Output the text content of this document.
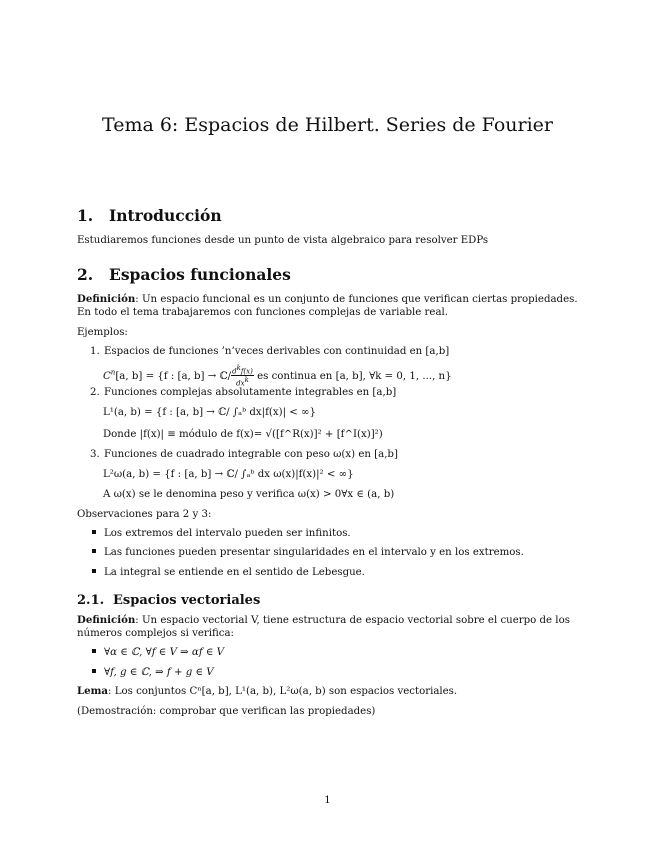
Tema 6: Espacios de Hilbert. Series de Fourier
1. Introducción
Estudiaremos funciones desde un punto de vista algebraico para resolver EDPs
2. Espacios funcionales
Definición: Un espacio funcional es un conjunto de funciones que verifican ciertas propiedades. En todo el tema trabajaremos con funciones complejas de variable real.
Ejemplos:
1. Espacios de funciones ’n’veces derivables con continuidad en [a,b]
$C^n[a$, b] = {f : [a, b] → ℂ/ $\frac{d^kf(x)}{dx^k}$ es continua en [a, b], ∀k = 0, 1, ..., n}
2. Funciones complejas absolutamente integrables en [a,b]
L¹(a, b) = {f : [a, b] → ℂ/ ∫ₐᵇ dx|f(x)| < ∞}
Donde |f(x)| ≡ módulo de f(x)= √([f^R(x)]² + [f^I(x)]²)
3. Funciones de cuadrado integrable con peso ω(x) en [a,b]
L²ω(a, b) = {f : [a, b] → ℂ/ ∫ₐᵇ dx ω(x)|f(x)|² < ∞}
A ω(x) se le denomina peso y verifica ω(x) > 0∀x ∈ (a, b)
Observaciones para 2 y 3:
Los extremos del intervalo pueden ser infinitos.
Las funciones pueden presentar singularidades en el intervalo y en los extremos.
La integral se entiende en el sentido de Lebesgue.
2.1. Espacios vectoriales
Definición: Un espacio vectorial V, tiene estructura de espacio vectorial sobre el cuerpo de los números complejos si verifica:
∀α ∈ ℂ, ∀f ∈ V ⇒ αf ∈ V
∀f, g ∈ ℂ, ⇒ f + g ∈ V
Lema: Los conjuntos Cⁿ[a, b], L¹(a, b), L²ω(a, b) son espacios vectoriales.
(Demostración: comprobar que verifican las propiedades)
1
